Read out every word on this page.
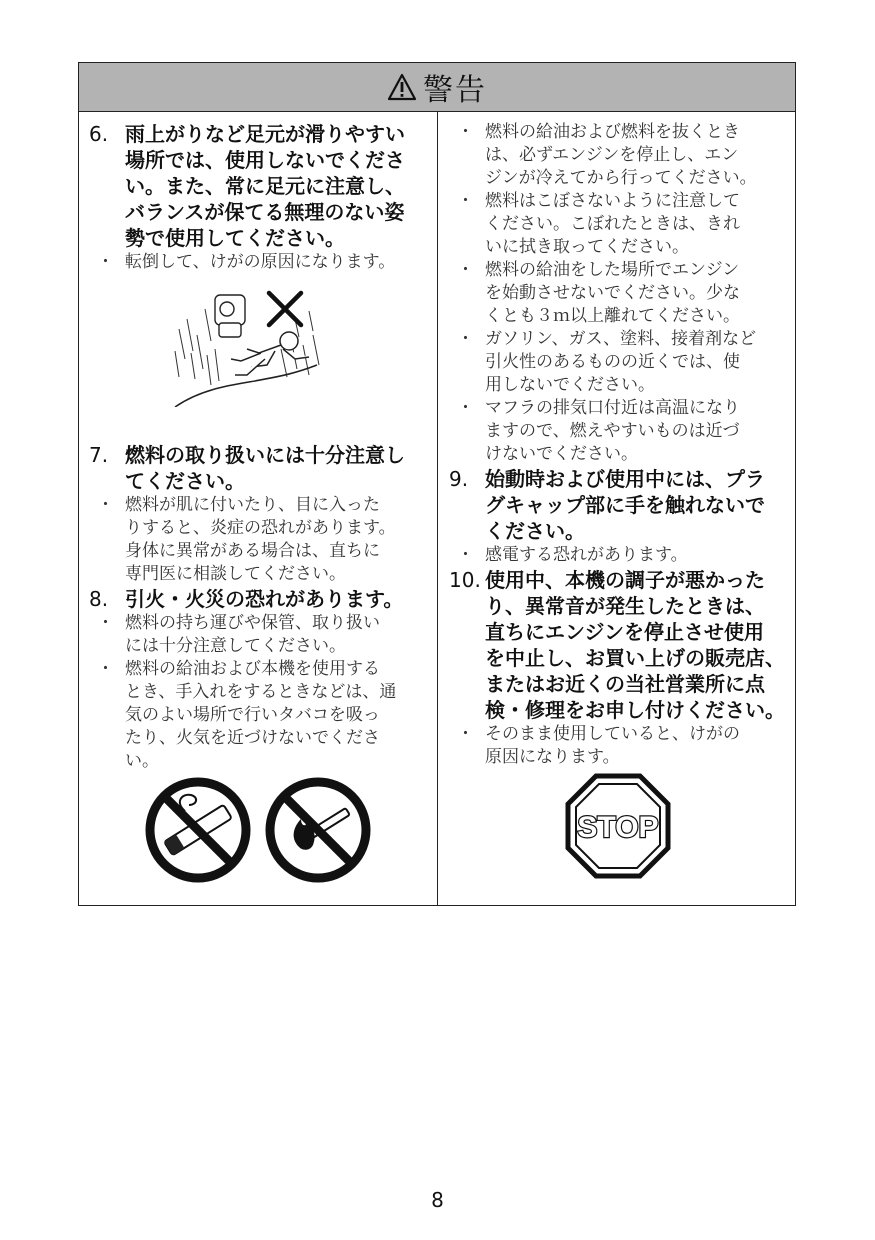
警告
6. 雨上がりなど足元が滑りやすい
場所では、使用しないでくださ
い。また、常に足元に注意し、
バランスが保てる無理のない姿
勢で使用してください。
・ 転倒して、けがの原因になります。
7. 燃料の取り扱いには十分注意し
てください。
・ 燃料が肌に付いたり、目に入った
りすると、炎症の恐れがあります。
身体に異常がある場合は、直ちに
専門医に相談してください。
8. 引火・火災の恐れがあります。
・ 燃料の持ち運びや保管、取り扱い
には十分注意してください。
・ 燃料の給油および本機を使用する
とき、手入れをするときなどは、通
気のよい場所で行いタバコを吸っ
たり、火気を近づけないでくださ
い。
・ 燃料の給油および燃料を抜くとき
は、必ずエンジンを停止し、エン
ジンが冷えてから行ってください。
・ 燃料はこぼさないように注意して
ください。こぼれたときは、きれ
いに拭き取ってください。
・ 燃料の給油をした場所でエンジン
を始動させないでください。少な
くとも３ｍ以上離れてください。
・ ガソリン、ガス、塗料、接着剤など
引火性のあるものの近くでは、使
用しないでください。
・ マフラの排気口付近は高温になり
ますので、燃えやすいものは近づ
けないでください。
9. 始動時および使用中には、プラ
グキャップ部に手を触れないで
ください。
・ 感電する恐れがあります。
10. 使用中、本機の調子が悪かった
り、異常音が発生したときは、
直ちにエンジンを停止させ使用
を中止し、お買い上げの販売店、
またはお近くの当社営業所に点
検・修理をお申し付けください。
・ そのまま使用していると、けがの
原因になります。
STOP
8
